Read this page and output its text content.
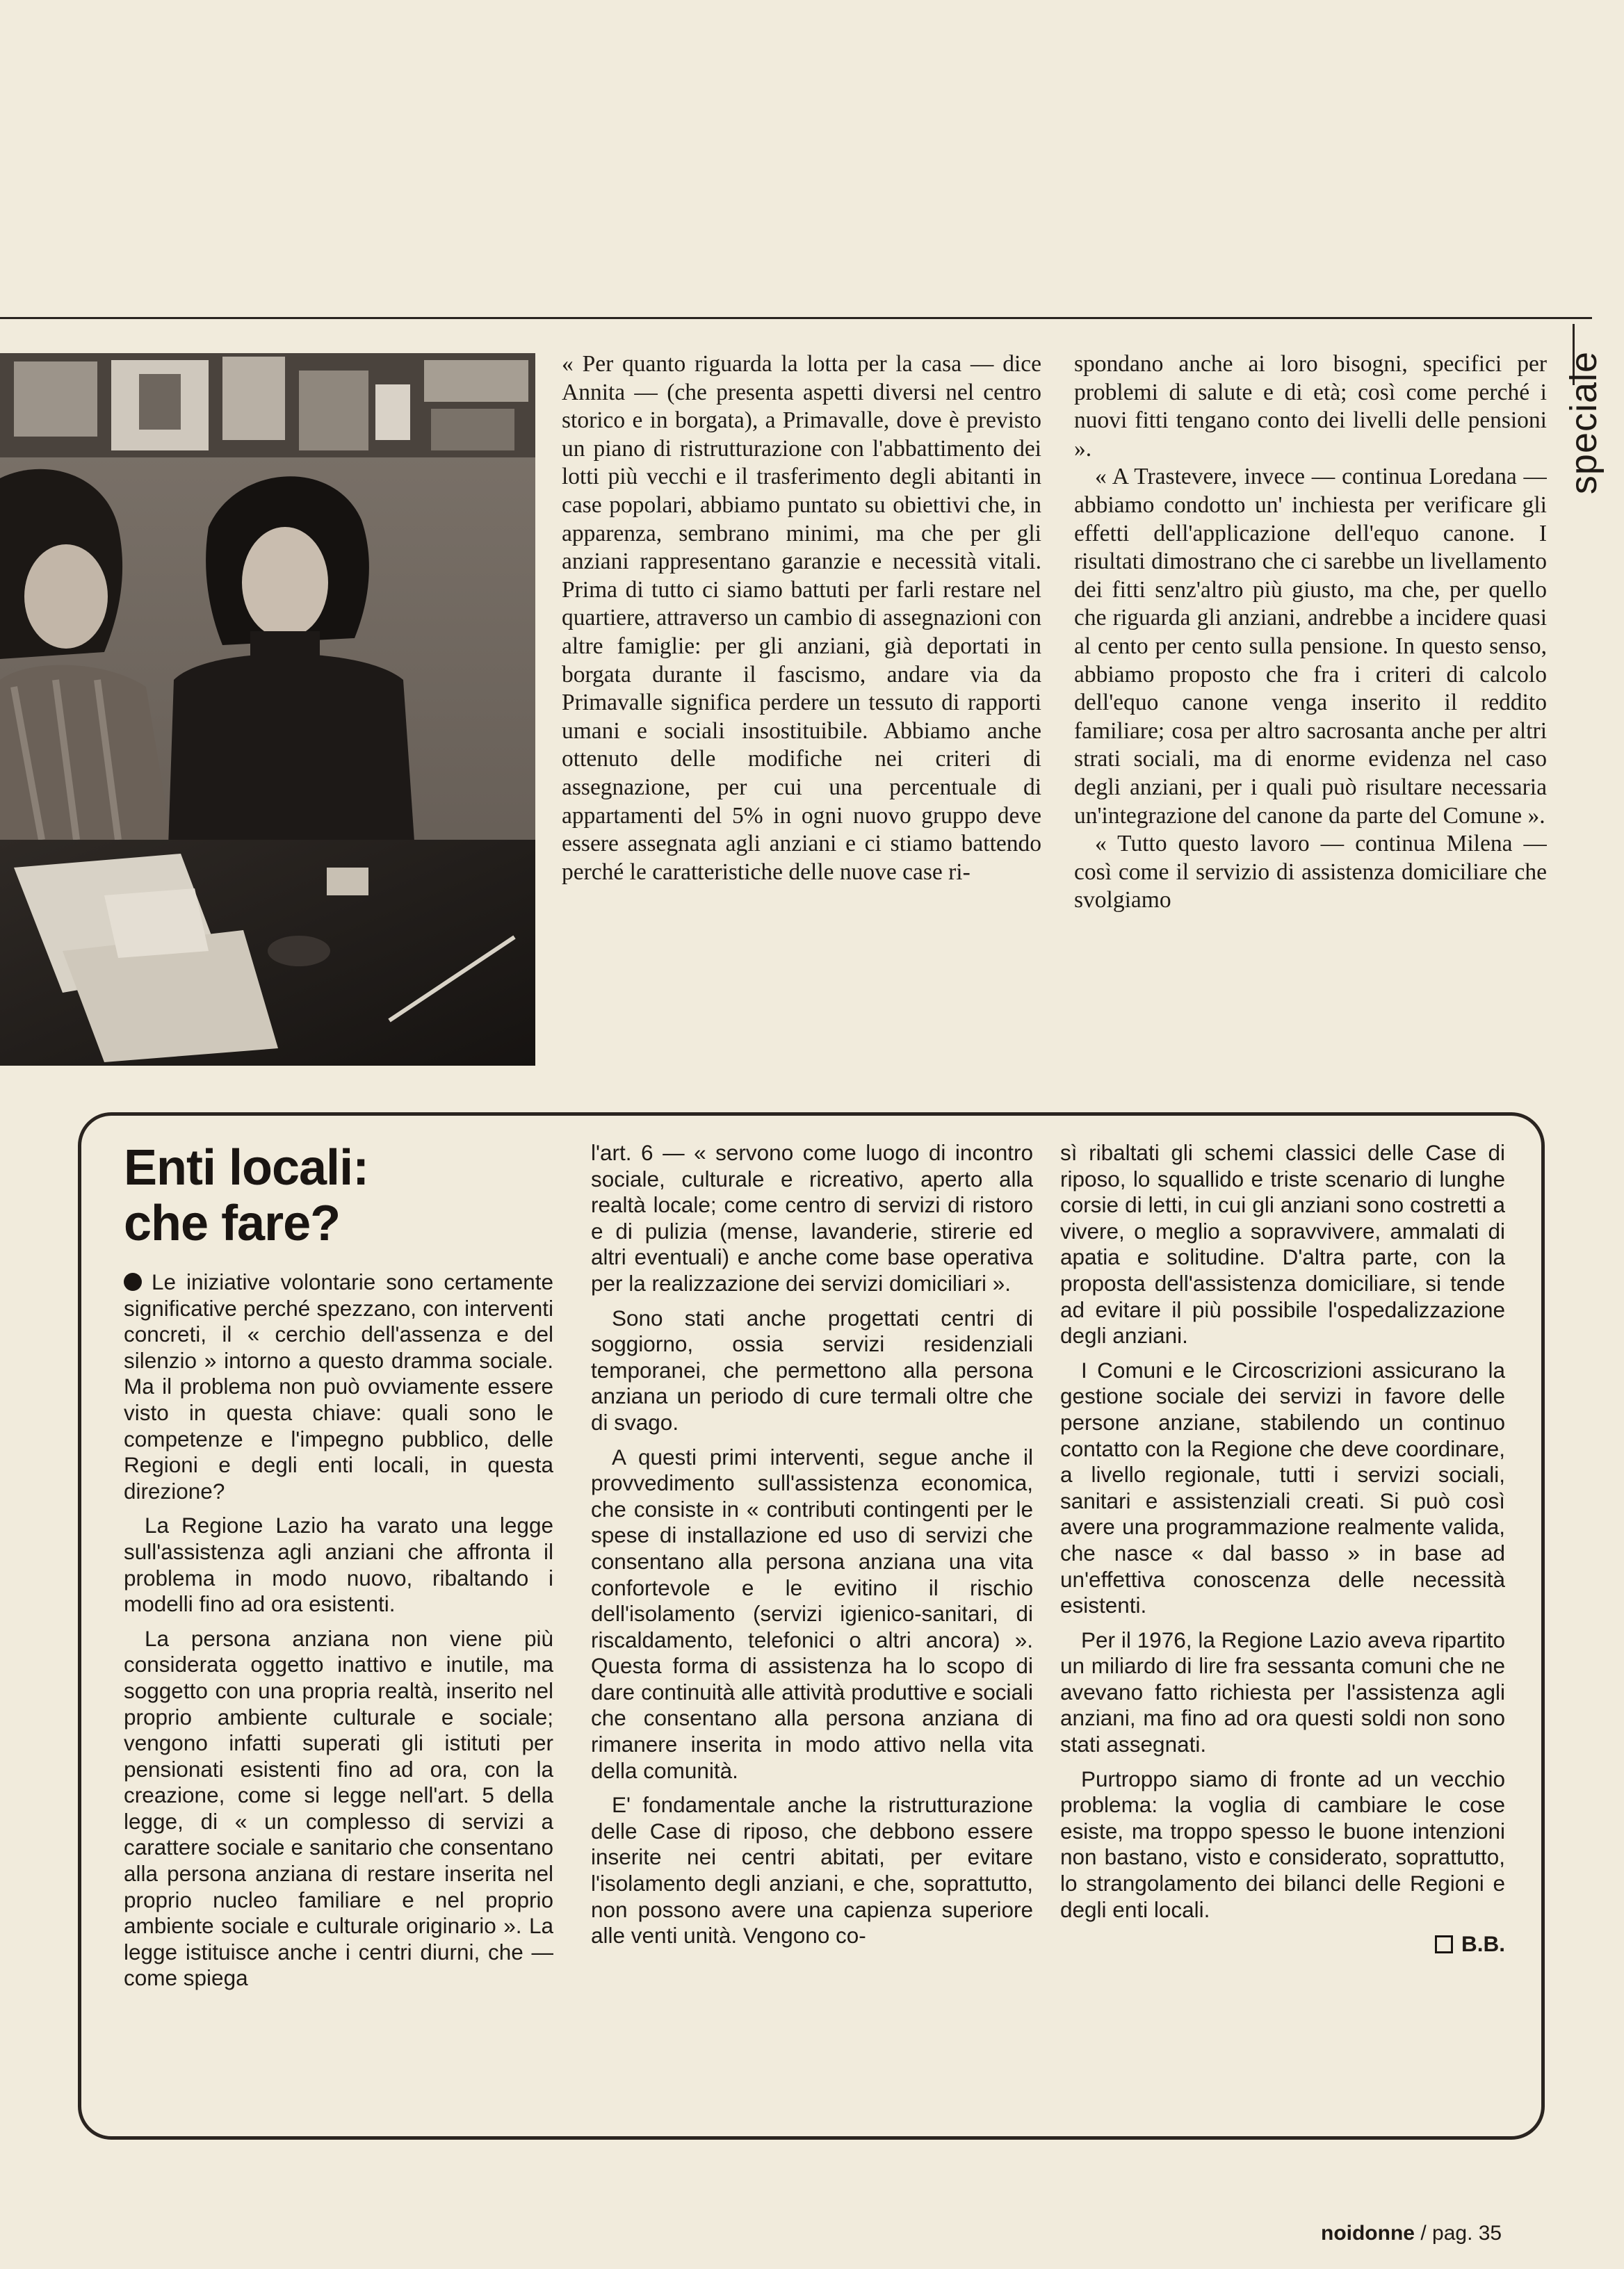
speciale

« Per quanto riguarda la lotta per la casa — dice Annita — (che presenta aspetti diversi nel centro storico e in borgata), a Primavalle, dove è previsto un piano di ristrutturazione con l'abbattimento dei lotti più vecchi e il trasferimento degli abitanti in case popolari, abbiamo puntato su obiettivi che, in apparenza, sembrano minimi, ma che per gli anziani rappresentano garanzie e necessità vitali. Prima di tutto ci siamo battuti per farli restare nel quartiere, attraverso un cambio di assegnazioni con altre famiglie: per gli anziani, già deportati in borgata durante il fascismo, andare via da Primavalle significa perdere un tessuto di rapporti umani e sociali insostituibile. Abbiamo anche ottenuto delle modifiche nei criteri di assegnazione, per cui una percentuale di appartamenti del 5% in ogni nuovo gruppo deve essere assegnata agli anziani e ci stiamo battendo perché le caratteristiche delle nuove case ri-

spondano anche ai loro bisogni, specifici per problemi di salute e di età; così come perché i nuovi fitti tengano conto dei livelli delle pensioni ».

« A Trastevere, invece — continua Loredana — abbiamo condotto un' inchiesta per verificare gli effetti dell'applicazione dell'equo canone. I risultati dimostrano che ci sarebbe un livellamento dei fitti senz'altro più giusto, ma che, per quello che riguarda gli anziani, andrebbe a incidere quasi al cento per cento sulla pensione. In questo senso, abbiamo proposto che fra i criteri di calcolo dell'equo canone venga inserito il reddito familiare; cosa per altro sacrosanta anche per altri strati sociali, ma di enorme evidenza nel caso degli anziani, per i quali può risultare necessaria un'integrazione del canone da parte del Comune ».

« Tutto questo lavoro — continua Milena — così come il servizio di assistenza domiciliare che svolgiamo

Enti locali:
che fare?

Le iniziative volontarie sono certamente significative perché spezzano, con interventi concreti, il « cerchio dell'assenza e del silenzio » intorno a questo dramma sociale. Ma il problema non può ovviamente essere visto in questa chiave: quali sono le competenze e l'impegno pubblico, delle Regioni e degli enti locali, in questa direzione?

La Regione Lazio ha varato una legge sull'assistenza agli anziani che affronta il problema in modo nuovo, ribaltando i modelli fino ad ora esistenti.

La persona anziana non viene più considerata oggetto inattivo e inutile, ma soggetto con una propria realtà, inserito nel proprio ambiente culturale e sociale; vengono infatti superati gli istituti per pensionati esistenti fino ad ora, con la creazione, come si legge nell'art. 5 della legge, di « un complesso di servizi a carattere sociale e sanitario che consentano alla persona anziana di restare inserita nel proprio nucleo familiare e nel proprio ambiente sociale e culturale originario ». La legge istituisce anche i centri diurni, che — come spiega

l'art. 6 — « servono come luogo di incontro sociale, culturale e ricreativo, aperto alla realtà locale; come centro di servizi di ristoro e di pulizia (mense, lavanderie, stirerie ed altri eventuali) e anche come base operativa per la realizzazione dei servizi domiciliari ».

Sono stati anche progettati centri di soggiorno, ossia servizi residenziali temporanei, che permettono alla persona anziana un periodo di cure termali oltre che di svago.

A questi primi interventi, segue anche il provvedimento sull'assistenza economica, che consiste in « contributi contingenti per le spese di installazione ed uso di servizi che consentano alla persona anziana una vita confortevole e le evitino il rischio dell'isolamento (servizi igienico-sanitari, di riscaldamento, telefonici o altri ancora) ». Questa forma di assistenza ha lo scopo di dare continuità alle attività produttive e sociali che consentano alla persona anziana di rimanere inserita in modo attivo nella vita della comunità.

E' fondamentale anche la ristrutturazione delle Case di riposo, che debbono essere inserite nei centri abitati, per evitare l'isolamento degli anziani, e che, soprattutto, non possono avere una capienza superiore alle venti unità. Vengono co-

sì ribaltati gli schemi classici delle Case di riposo, lo squallido e triste scenario di lunghe corsie di letti, in cui gli anziani sono costretti a vivere, o meglio a sopravvivere, ammalati di apatia e solitudine. D'altra parte, con la proposta dell'assistenza domiciliare, si tende ad evitare il più possibile l'ospedalizzazione degli anziani.

I Comuni e le Circoscrizioni assicurano la gestione sociale dei servizi in favore delle persone anziane, stabilendo un continuo contatto con la Regione che deve coordinare, a livello regionale, tutti i servizi sociali, sanitari e assistenziali creati. Si può così avere una programmazione realmente valida, che nasce « dal basso » in base ad un'effettiva conoscenza delle necessità esistenti.

Per il 1976, la Regione Lazio aveva ripartito un miliardo di lire fra sessanta comuni che ne avevano fatto richiesta per l'assistenza agli anziani, ma fino ad ora questi soldi non sono stati assegnati.

Purtroppo siamo di fronte ad un vecchio problema: la voglia di cambiare le cose esiste, ma troppo spesso le buone intenzioni non bastano, visto e considerato, soprattutto, lo strangolamento dei bilanci delle Regioni e degli enti locali.

B.B.
noidonne / pag. 35
